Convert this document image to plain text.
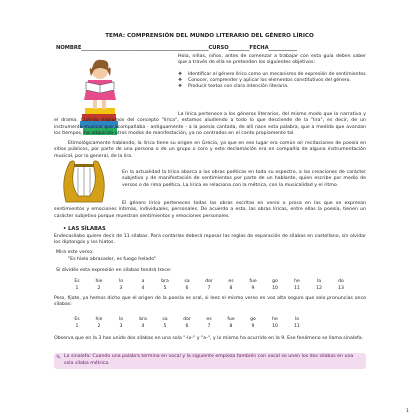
TEMA: COMPRENSIÓN DEL MUNDO LITERARIO DEL GÉNERO LÍRICO
NOMBRE_________________________________________________CURSO________FECHA___________
Hola, niñas, niños, antes de comenzar a trabajar con esta guía deben saber que a través de ella se pretenden los siguientes objetivos:
❖ Identificar el género lírico como un mecanismo de expresión de sentimientos.
❖ Conocer, comprender y aplicar los elementos constitutivos del género.
❖ Producir textos con clara intención literaria.
La lírica pertenece a los géneros literarios, del mismo modo que la narrativa y el drama. Cuando hablamos del concepto "lírica", estamos aludiendo a todo lo que desciende de la "lira", es decir, de un instrumento musical que acompañaba - antiguamente - a la poesía cantada, de allí nace esta palabra, que a medida que avanzan los tiempos, ha adquirido otros modos de manifestación, ya no centrados en el canto propiamente tal.
Etimológicamente hablando, la lírica tiene su origen en Grecia, ya que en ese lugar era común oír recitaciones de poesía en sitios públicos, por parte de una persona o de un grupo o coro y este declamación era en compañía de alguna instrumentación musical, por lo general, de la lira.
En la actualidad la lírica abarca a las obras poéticas en todo su espectro, a las creaciones de carácter subjetivo y de manifestación de sentimientos por parte de un hablante, quien escribe por medio de versos o de rima poética. La lírica se relaciona con la métrica, con la musicalidad y el ritmo.
El género lírico pertenecen todas las obras escritas en verso o prosa en las que se expresan sentimientos y emociones íntimas, individuales, personales. De acuerdo a esto, las obras líricas, entre ellas la poesía, tienen un carácter subjetivo porque muestran sentimientos y emociones personales.
• LAS SÍLABAS
Endecasílabo quiere decir de 11 sílabas. Para contarlas deberá repasar las reglas de separación de sílabas en castellano, sin olvidar los diptongos y los hiatos.
Mira este verso:
"Es hielo abrasador, es fuego helado"
Si dividés esta expresión en sílabas tendrá trece:
Es	hie	lo	a	bra	sa	dor	es	fue	go	he	la	do
1	2	3	4	5	6	7	8	9	10	11	12	13
Pero, fíjate, ya hemos dicho que el origen de la poesía es oral, si leez el mismo verso en voz alta seguro que solo pronuncias once sílabas:
Es	hie	lo	bra	sa	dor	es	fue	go	he	lo
1	2	3	4	5	6	7	8	9	10	11
Observa que en la 3 has unido dos sílabas en una sola "-lo-" y "a-", y lo mismo ha ocurrido en la 9. Ese fenómeno se llama sinalefa.
✎ La sinalefa: Cuando una palabra termina en vocal y la siguiente empieza también con vocal se unen los dos sílabas en una sola sílaba métrica.
1
